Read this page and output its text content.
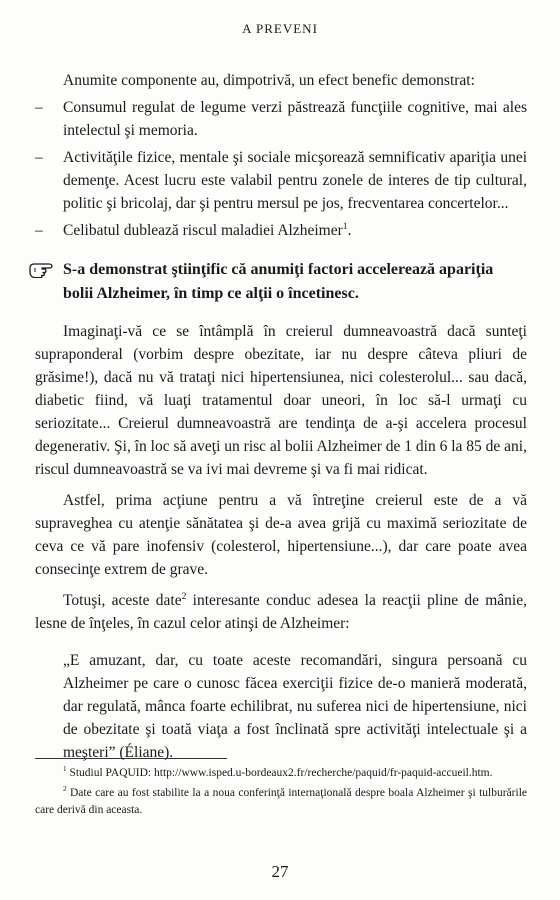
A PREVENI

Anumite componente au, dimpotrivă, un efect benefic demonstrat:

– Consumul regulat de legume verzi păstrează funcţiile cognitive, mai ales intelectul şi memoria.
– Activităţile fizice, mentale şi sociale micşorează semnificativ apariţia unei demenţe. Acest lucru este valabil pentru zonele de interes de tip cultural, politic şi bricolaj, dar şi pentru mersul pe jos, frecventarea concertelor...
– Celibatul dublează riscul maladiei Alzheimer$^1$.
S-a demonstrat ştiinţific că anumiţi factori accelerează apariţia bolii Alzheimer, în timp ce alţii o încetinesc.

Imaginaţi-vă ce se întâmplă în creierul dumneavoastră dacă sunteţi supraponderal (vorbim despre obezitate, iar nu despre câteva pliuri de grăsime!), dacă nu vă trataţi nici hipertensiunea, nici colesterolul... sau dacă, diabetic fiind, vă luaţi tratamentul doar uneori, în loc să-l urmaţi cu seriozitate... Creierul dumneavoastră are tendinţa de a-şi accelera procesul degenerativ. Şi, în loc să aveţi un risc al bolii Alzheimer de 1 din 6 la 85 de ani, riscul dumneavoastră se va ivi mai devreme şi va fi mai ridicat.

Astfel, prima acţiune pentru a vă întreţine creierul este de a vă supraveghea cu atenţie sănătatea şi de-a avea grijă cu maximă seriozitate de ceva ce vă pare inofensiv (colesterol, hipertensiune...), dar care poate avea consecinţe extrem de grave.

Totuşi, aceste date$^2$ interesante conduc adesea la reacţii pline de mânie, lesne de înţeles, în cazul celor atinşi de Alzheimer:

„E amuzant, dar, cu toate aceste recomandări, singura persoană cu Alzheimer pe care o cunosc făcea exerciţii fizice de-o manieră moderată, dar regulată, mânca foarte echilibrat, nu suferea nici de hipertensiune, nici de obezitate şi toată viaţa a fost înclinată spre activităţi intelectuale şi a meşteri” (Éliane).

$^1$ Studiul PAQUID: http://www.isped.u-bordeaux2.fr/recherche/paquid/fr-paquid-accueil.htm.

$^2$ Date care au fost stabilite la a noua conferinţă internaţională despre boala Alzheimer şi tulburările care derivă din aceasta.

27
